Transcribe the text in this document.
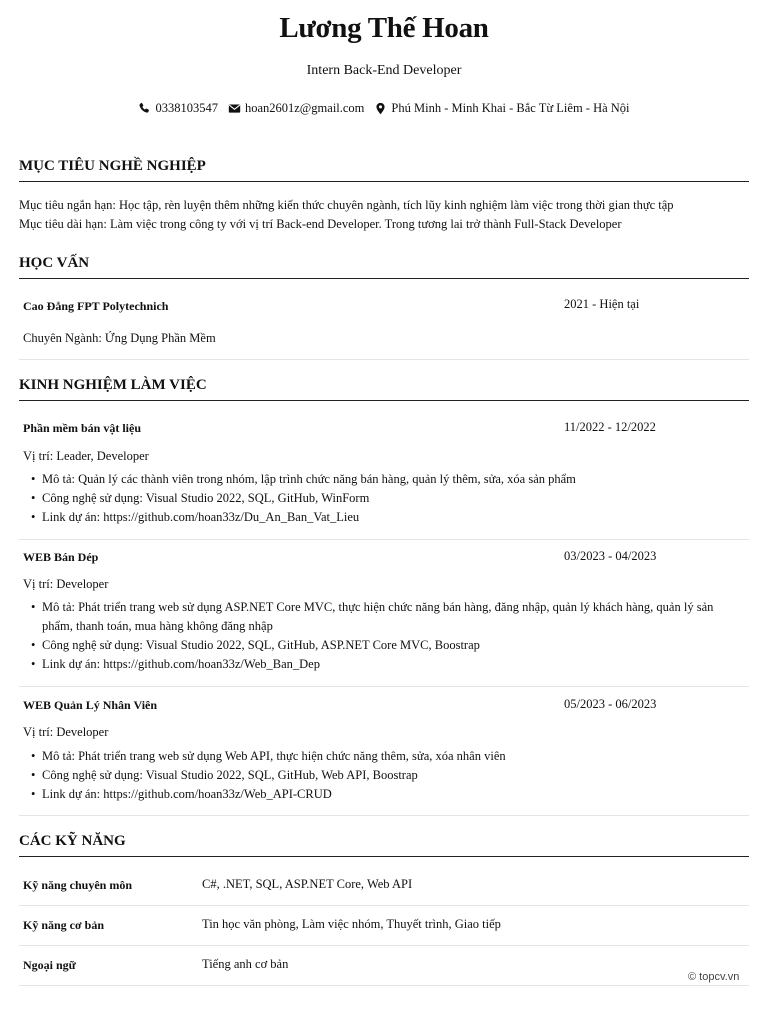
Lương Thế Hoan
Intern Back-End Developer
0338103547 hoan2601z@gmail.com Phú Minh - Minh Khai - Bắc Từ Liêm - Hà Nội
MỤC TIÊU NGHỀ NGHIỆP
Mục tiêu ngắn hạn: Học tập, rèn luyện thêm những kiến thức chuyên ngành, tích lũy kinh nghiệm làm việc trong thời gian thực tập
Mục tiêu dài hạn: Làm việc trong công ty với vị trí Back-end Developer. Trong tương lai trở thành Full-Stack Developer
HỌC VẤN
Cao Đẳng FPT Polytechnich	2021 - Hiện tại
Chuyên Ngành: Ứng Dụng Phần Mềm
KINH NGHIỆM LÀM VIỆC
Phần mềm bán vật liệu	11/2022 - 12/2022
Vị trí: Leader, Developer
• Mô tả: Quản lý các thành viên trong nhóm, lập trình chức năng bán hàng, quản lý thêm, sửa, xóa sản phẩm
• Công nghệ sử dụng: Visual Studio 2022, SQL, GitHub, WinForm
• Link dự án: https://github.com/hoan33z/Du_An_Ban_Vat_Lieu
WEB Bán Dép	03/2023 - 04/2023
Vị trí: Developer
• Mô tả: Phát triển trang web sử dụng ASP.NET Core MVC, thực hiện chức năng bán hàng, đăng nhập, quản lý khách hàng, quản lý sản phẩm, thanh toán, mua hàng không đăng nhập
• Công nghệ sử dụng: Visual Studio 2022, SQL, GitHub, ASP.NET Core MVC, Boostrap
• Link dự án: https://github.com/hoan33z/Web_Ban_Dep
WEB Quản Lý Nhân Viên	05/2023 - 06/2023
Vị trí: Developer
• Mô tả: Phát triển trang web sử dụng Web API, thực hiện chức năng thêm, sửa, xóa nhân viên
• Công nghệ sử dụng: Visual Studio 2022, SQL, GitHub, Web API, Boostrap
• Link dự án: https://github.com/hoan33z/Web_API-CRUD
CÁC KỸ NĂNG
Kỹ năng chuyên môn	C#, .NET, SQL, ASP.NET Core, Web API
Kỹ năng cơ bản	Tin học văn phòng, Làm việc nhóm, Thuyết trình, Giao tiếp
Ngoại ngữ	Tiếng anh cơ bản
© topcv.vn
